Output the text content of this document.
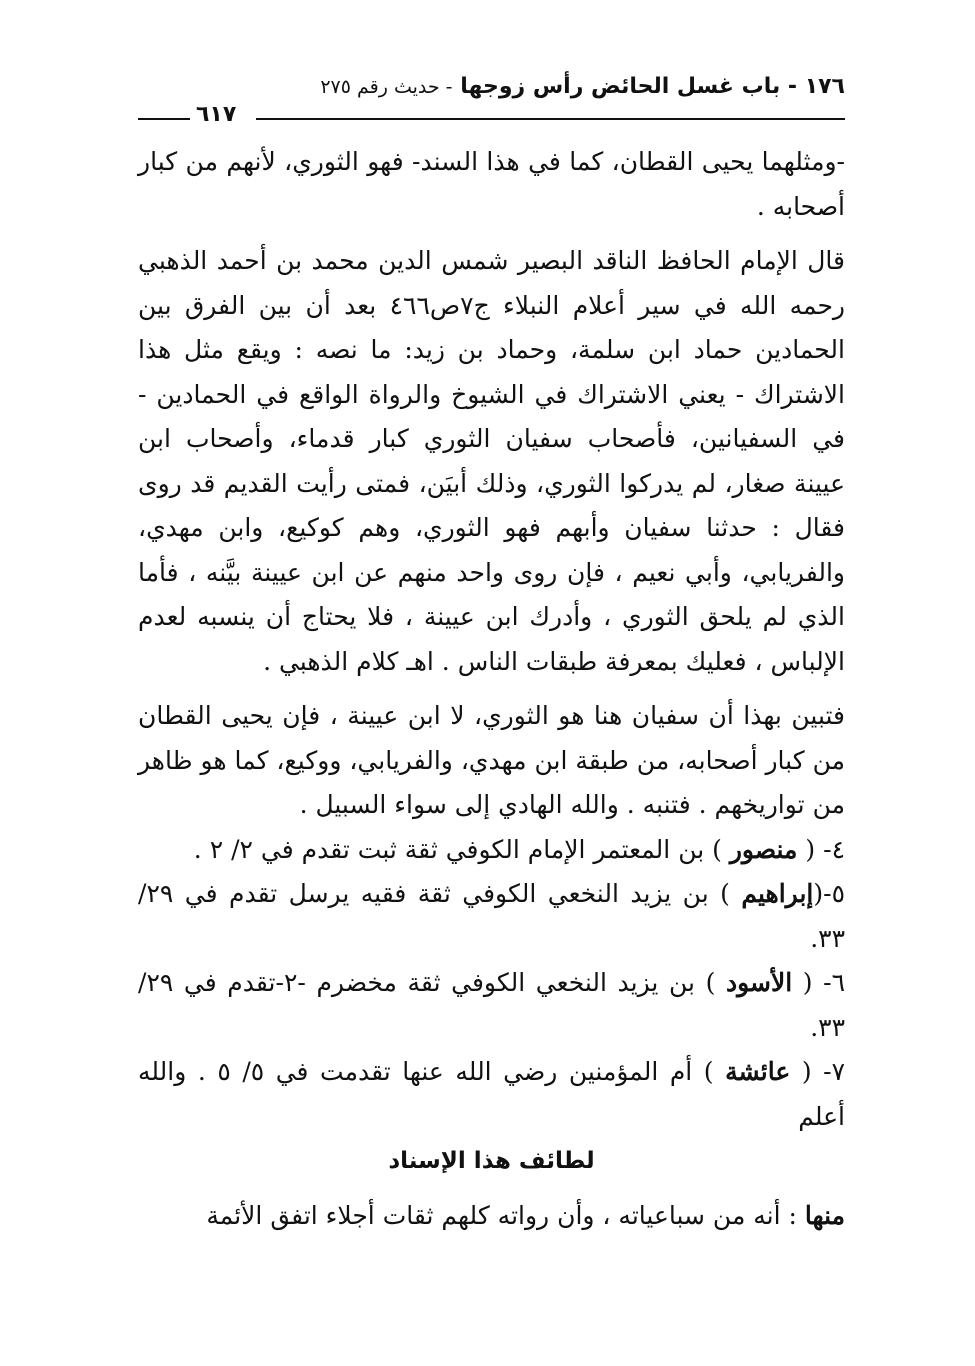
١٧٦ - باب غسل الحائض رأس زوجها - حديث رقم ٢٧٥
٦١٧

-ومثلهما يحيى القطان، كما في هذا السند- فهو الثوري، لأنهم من كبار أصحابه .

قال الإمام الحافظ الناقد البصير شمس الدين محمد بن أحمد الذهبي رحمه الله في سير أعلام النبلاء ج٧ص٤٦٦ بعد أن بين الفرق بين الحمادين حماد ابن سلمة، وحماد بن زيد: ما نصه : ويقع مثل هذا الاشتراك - يعني الاشتراك في الشيوخ والرواة الواقع في الحمادين - في السفيانين، فأصحاب سفيان الثوري كبار قدماء، وأصحاب ابن عيينة صغار، لم يدركوا الثوري، وذلك أبيَن، فمتى رأيت القديم قد روى فقال : حدثنا سفيان وأبهم فهو الثوري، وهم كوكيع، وابن مهدي، والفريابي، وأبي نعيم ، فإن روى واحد منهم عن ابن عيينة بيَّنه ، فأما الذي لم يلحق الثوري ، وأدرك ابن عيينة ، فلا يحتاج أن ينسبه لعدم الإلباس ، فعليك بمعرفة طبقات الناس . اهـ كلام الذهبي .

فتبين بهذا أن سفيان هنا هو الثوري، لا ابن عيينة ، فإن يحيى القطان من كبار أصحابه، من طبقة ابن مهدي، والفريابي، ووكيع، كما هو ظاهر من تواريخهم . فتنبه . والله الهادي إلى سواء السبيل .

٤- ( منصور ) بن المعتمر الإمام الكوفي ثقة ثبت تقدم في ٢/ ٢ .

٥-(إبراهيم ) بن يزيد النخعي الكوفي ثقة فقيه يرسل تقدم في ٢٩/ ٣٣.

٦- ( الأسود ) بن يزيد النخعي الكوفي ثقة مخضرم -٢-تقدم في ٢٩/ ٣٣.

٧- ( عائشة ) أم المؤمنين رضي الله عنها تقدمت في ٥/ ٥ . والله أعلم

لطائف هذا الإسناد

منها : أنه من سباعياته ، وأن رواته كلهم ثقات أجلاء اتفق الأئمة
